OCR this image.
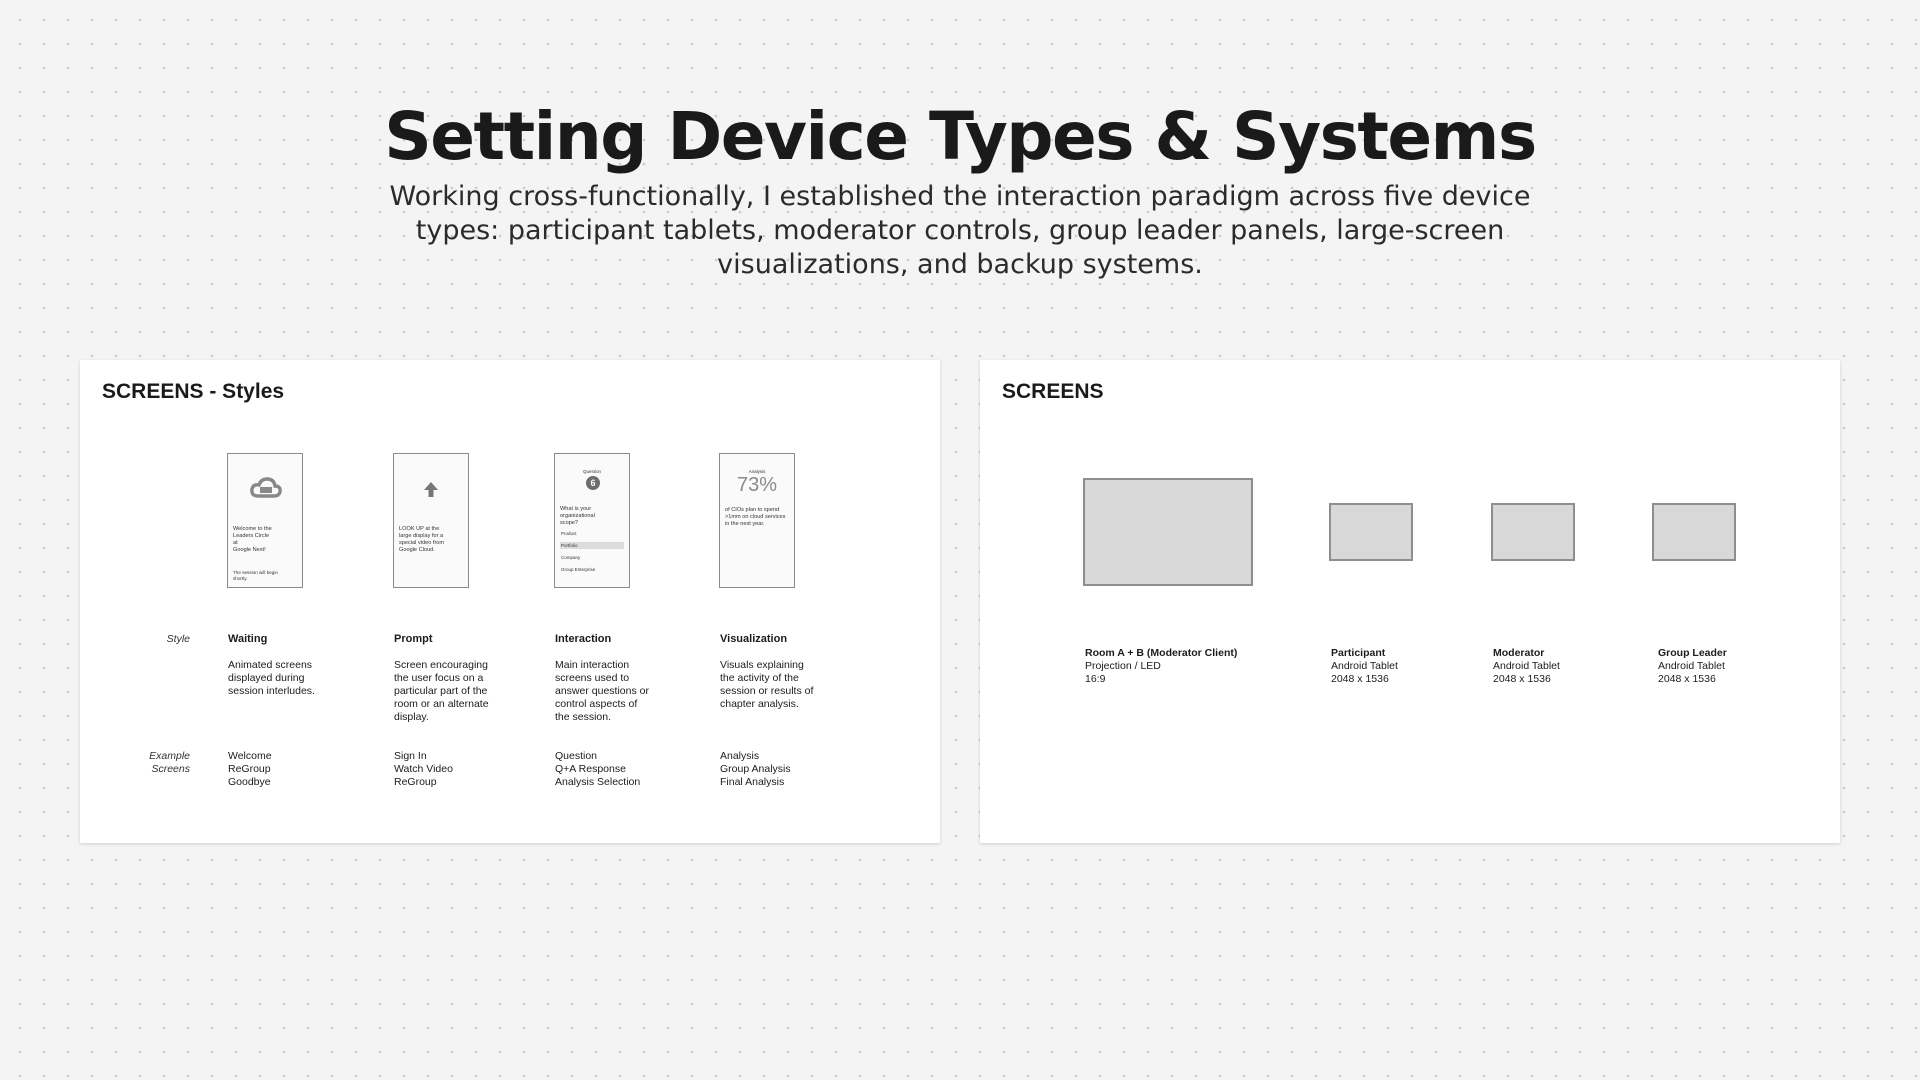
Setting Device Types & Systems

Working cross-functionally, I established the interaction paradigm across five device types: participant tablets, moderator controls, group leader panels, large-screen visualizations, and backup systems.

SCREENS - Styles
Welcome to the
Leaders Circle
at
Google Next!
The session will begin
shortly.
LOOK UP at the
large display for a
special video from
Google Cloud.
Question
6
What is your
organizational
scope?
Product
Portfolio
Company
Group Enterprise
Analysis
73%
of CIOs plan to spend
>1mm on cloud services
in the next year.
Style
Example
Screens
Waiting
Animated screens
displayed during
session interludes.
Welcome
ReGroup
Goodbye
Prompt
Screen encouraging
the user focus on a
particular part of the
room or an alternate
display.
Sign In
Watch Video
ReGroup
Interaction
Main interaction
screens used to
answer questions or
control aspects of
the session.
Question
Q+A Response
Analysis Selection
Visualization
Visuals explaining
the activity of the
session or results of
chapter analysis.
Analysis
Group Analysis
Final Analysis
SCREENS
Room A + B (Moderator Client)
Projection / LED
16:9
Participant
Android Tablet
2048 x 1536
Moderator
Android Tablet
2048 x 1536
Group Leader
Android Tablet
2048 x 1536
